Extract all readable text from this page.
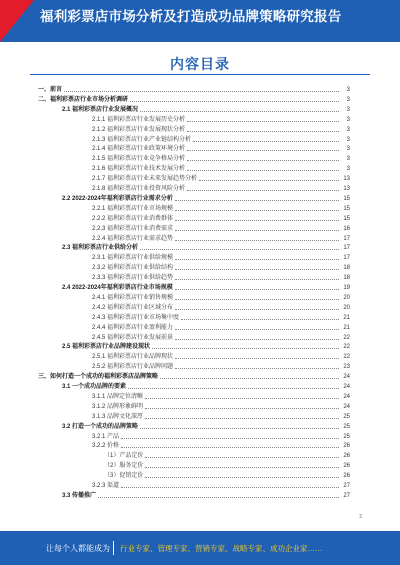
福利彩票店市场分析及打造成功品牌策略研究报告
内容目录
一、前言	3
二、福利彩票店行业市场分析调研	3
2.1 福利彩票店行业发展概况	3
2.1.1 福利彩票店行业发展历史分析	3
2.1.2 福利彩票店行业发展现状分析	3
2.1.3 福利彩票店行业产业链结构分析	3
2.1.4 福利彩票店行业政策环境分析	3
2.1.5 福利彩票店行业竞争格局分析	3
2.1.6 福利彩票店行业技术发展分析	3
2.1.7 福利彩票店行业未来发展趋势分析	13
2.1.8 福利彩票店行业投资风险分析	13
2.2 2022-2024年福利彩票店行业需求分析	15
2.2.1 福利彩票店行业市场规模	15
2.2.2 福利彩票店行业消费群体	15
2.2.3 福利彩票店行业消费需求	16
2.2.4 福利彩票店行业需求趋势	17
2.3 福利彩票店行业供给分析	17
2.3.1 福利彩票店行业供给规模	17
2.3.2 福利彩票店行业供给结构	18
2.3.3 福利彩票店行业供给趋势	18
2.4 2022-2024年福利彩票店行业市场规模	19
2.4.1 福利彩票店行业销售规模	20
2.4.2 福利彩票店行业区域分布	20
2.4.3 福利彩票店行业市场集中度	21
2.4.4 福利彩票店行业盈利能力	21
2.4.5 福利彩票店行业发展前景	22
2.5 福利彩票店行业品牌建设现状	22
2.5.1 福利彩票店行业品牌现状	22
2.5.2 福利彩票店行业品牌问题	23
三、如何打造一个成功的福利彩票店品牌策略	24
3.1 一个成功品牌的要素	24
3.1.1 品牌定位清晰	24
3.1.2 品牌形象鲜明	24
3.1.3 品牌文化深厚	25
3.2 打造一个成功的品牌策略	25
3.2.1 产品	25
3.2.2 价格	26
（1）产品定价	26
（2）服务定价	26
（3）促销定价	26
3.2.3 渠道	27
3.3 传播推广	27
2
让每个人都能成为 行业专家、管理专家、营销专家、战略专家、成功企业家……
